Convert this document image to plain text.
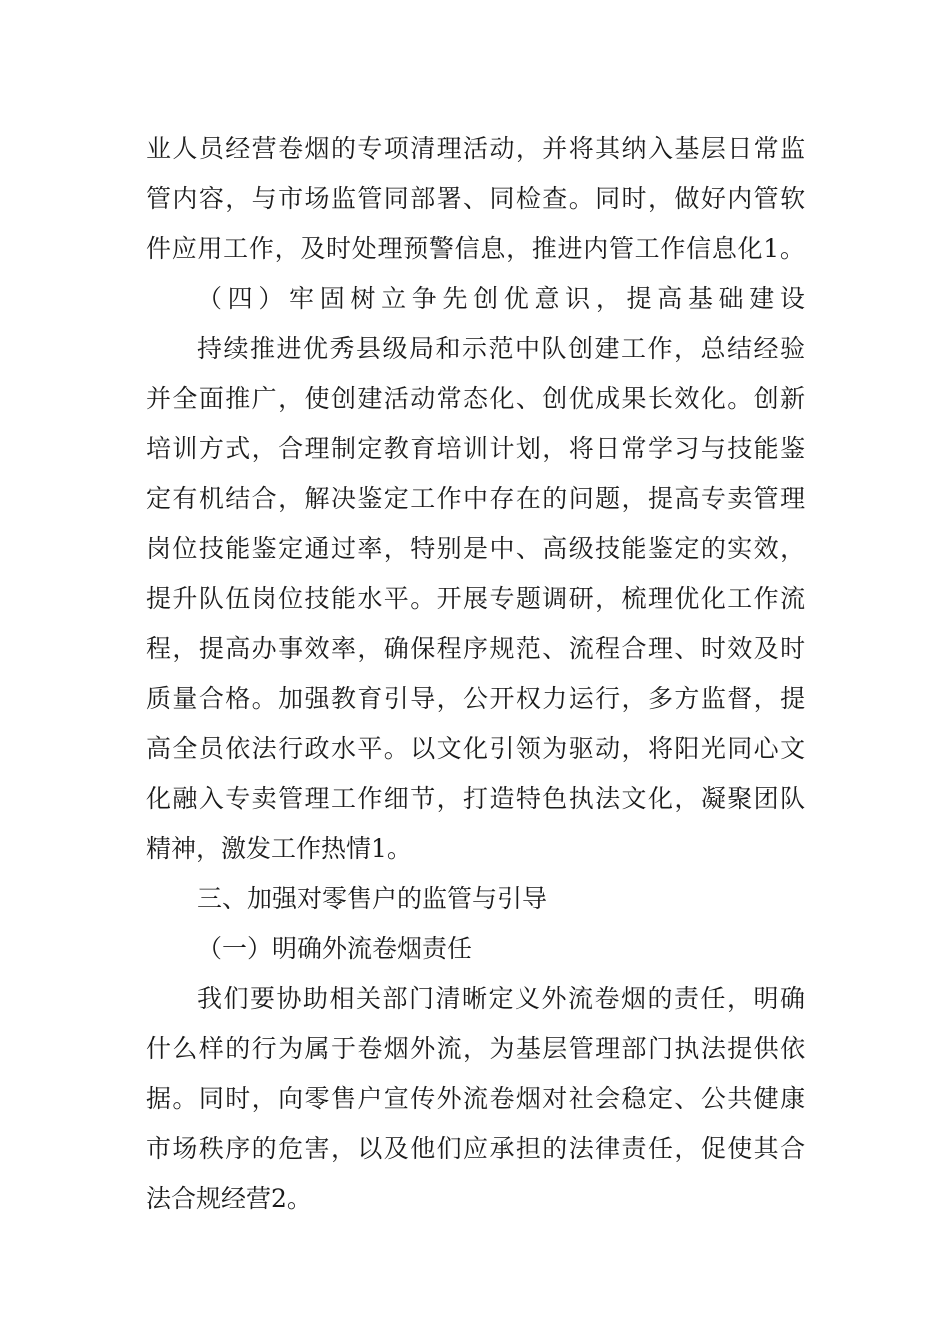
业人员经营卷烟的专项清理活动，并将其纳入基层日常监
管内容，与市场监管同部署、同检查。同时，做好内管软
件应用工作，及时处理预警信息，推进内管工作信息化1。
（四）牢固树立争先创优意识，提高基础建设
持续推进优秀县级局和示范中队创建工作，总结经验
并全面推广，使创建活动常态化、创优成果长效化。创新
培训方式，合理制定教育培训计划，将日常学习与技能鉴
定有机结合，解决鉴定工作中存在的问题，提高专卖管理
岗位技能鉴定通过率，特别是中、高级技能鉴定的实效，
提升队伍岗位技能水平。开展专题调研，梳理优化工作流
程，提高办事效率，确保程序规范、流程合理、时效及时
质量合格。加强教育引导，公开权力运行，多方监督，提
高全员依法行政水平。以文化引领为驱动，将阳光同心文
化融入专卖管理工作细节，打造特色执法文化，凝聚团队
精神，激发工作热情1。
三、加强对零售户的监管与引导
（一）明确外流卷烟责任
我们要协助相关部门清晰定义外流卷烟的责任，明确
什么样的行为属于卷烟外流，为基层管理部门执法提供依
据。同时，向零售户宣传外流卷烟对社会稳定、公共健康
市场秩序的危害，以及他们应承担的法律责任，促使其合
法合规经营2。
